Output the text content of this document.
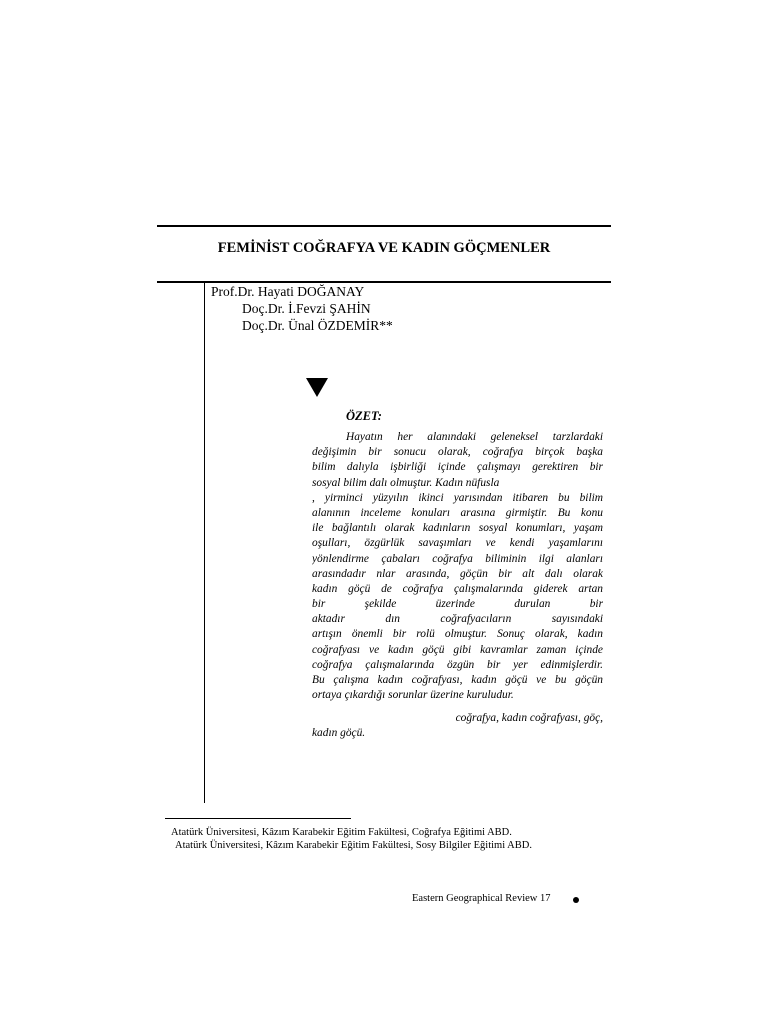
FEMİNİST COĞRAFYA VE KADIN GÖÇMENLER
Prof.Dr. Hayati DOĞANAY
Doç.Dr. İ.Fevzi ŞAHİN
Doç.Dr. Ünal ÖZDEMİR**
ÖZET:
Hayatın her alanındaki geleneksel tarzlardaki
değişimin bir sonucu olarak, coğrafya birçok başka
bilim dalıyla işbirliği içinde çalışmayı gerektiren bir
sosyal bilim dalı olmuştur. Kadın nüfusla
, yirminci yüzyılın ikinci yarısından itibaren bu bilim
alanının inceleme konuları arasına girmiştir. Bu konu
ile bağlantılı olarak kadınların sosyal konumları, yaşam
oşulları, özgürlük savaşımları ve kendi yaşamlarını
yönlendirme çabaları coğrafya biliminin ilgi alanları
arasındadır nlar arasında, göçün bir alt dalı olarak
kadın göçü de coğrafya çalışmalarında giderek artan
bir şekilde üzerinde durulan bir
aktadır dın coğrafyacıların sayısındaki
artışın önemli bir rolü olmuştur. Sonuç olarak, kadın
coğrafyası ve kadın göçü gibi kavramlar zaman içinde
coğrafya çalışmalarında özgün bir yer edinmişlerdir.
Bu çalışma kadın coğrafyası, kadın göçü ve bu göçün
ortaya çıkardığı sorunlar üzerine kuruludur.
coğrafya, kadın coğrafyası, göç,
kadın göçü.
Atatürk Üniversitesi, Kâzım Karabekir Eğitim Fakültesi, Coğrafya Eğitimi ABD.
Atatürk Üniversitesi, Kâzım Karabekir Eğitim Fakültesi, Sosy Bilgiler Eğitimi ABD.
Eastern Geographical Review 17
